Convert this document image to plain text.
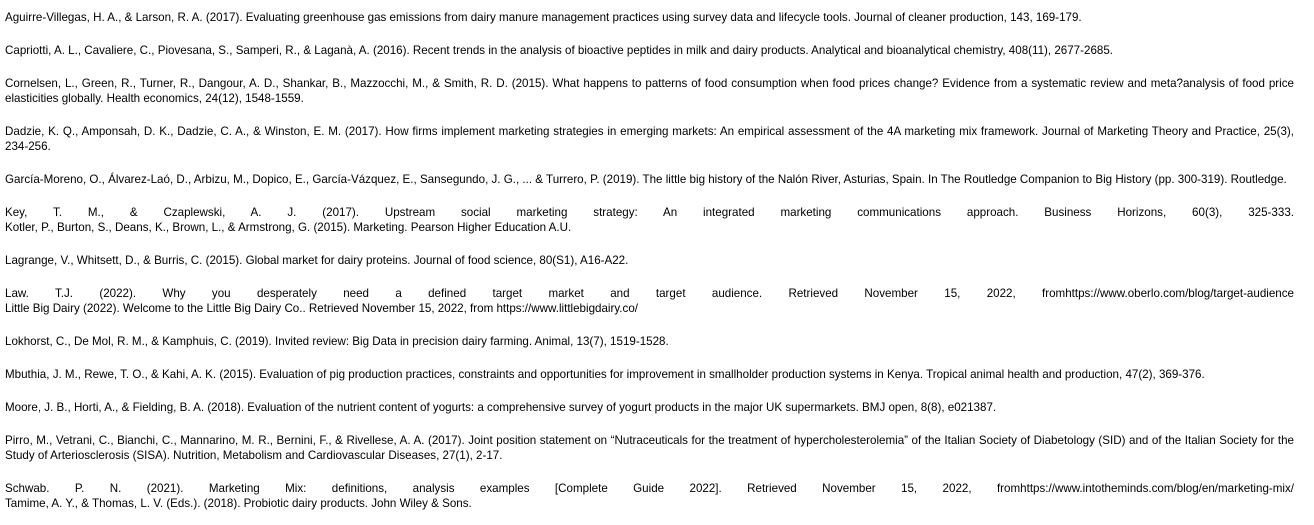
Aguirre-Villegas, H. A., & Larson, R. A. (2017). Evaluating greenhouse gas emissions from dairy manure management practices using survey data and lifecycle tools. Journal of cleaner production, 143, 169-179.

Capriotti, A. L., Cavaliere, C., Piovesana, S., Samperi, R., & Laganà, A. (2016). Recent trends in the analysis of bioactive peptides in milk and dairy products. Analytical and bioanalytical chemistry, 408(11), 2677-2685.

Cornelsen, L., Green, R., Turner, R., Dangour, A. D., Shankar, B., Mazzocchi, M., & Smith, R. D. (2015). What happens to patterns of food consumption when food prices change? Evidence from a systematic review and meta?analysis of food price elasticities globally. Health economics, 24(12), 1548-1559.

Dadzie, K. Q., Amponsah, D. K., Dadzie, C. A., & Winston, E. M. (2017). How firms implement marketing strategies in emerging markets: An empirical assessment of the 4A marketing mix framework. Journal of Marketing Theory and Practice, 25(3), 234-256.

García-Moreno, O., Álvarez-Laó, D., Arbizu, M., Dopico, E., García-Vázquez, E., Sansegundo, J. G., ... & Turrero, P. (2019). The little big history of the Nalón River, Asturias, Spain. In The Routledge Companion to Big History (pp. 300-319). Routledge.

Key, T. M., & Czaplewski, A. J. (2017). Upstream social marketing strategy: An integrated marketing communications approach. Business Horizons, 60(3), 325-333.
Kotler, P., Burton, S., Deans, K., Brown, L., & Armstrong, G. (2015). Marketing. Pearson Higher Education A.U.

Lagrange, V., Whitsett, D., & Burris, C. (2015). Global market for dairy proteins. Journal of food science, 80(S1), A16-A22.

Law. T.J. (2022). Why you desperately need a defined target market and target audience. Retrieved November 15, 2022, fromhttps://www.oberlo.com/blog/target-audience
Little Big Dairy (2022). Welcome to the Little Big Dairy Co.. Retrieved November 15, 2022, from https://www.littlebigdairy.co/

Lokhorst, C., De Mol, R. M., & Kamphuis, C. (2019). Invited review: Big Data in precision dairy farming. Animal, 13(7), 1519-1528.

Mbuthia, J. M., Rewe, T. O., & Kahi, A. K. (2015). Evaluation of pig production practices, constraints and opportunities for improvement in smallholder production systems in Kenya. Tropical animal health and production, 47(2), 369-376.

Moore, J. B., Horti, A., & Fielding, B. A. (2018). Evaluation of the nutrient content of yogurts: a comprehensive survey of yogurt products in the major UK supermarkets. BMJ open, 8(8), e021387.

Pirro, M., Vetrani, C., Bianchi, C., Mannarino, M. R., Bernini, F., & Rivellese, A. A. (2017). Joint position statement on “Nutraceuticals for the treatment of hypercholesterolemia” of the Italian Society of Diabetology (SID) and of the Italian Society for the Study of Arteriosclerosis (SISA). Nutrition, Metabolism and Cardiovascular Diseases, 27(1), 2-17.

Schwab. P. N. (2021). Marketing Mix: definitions, analysis examples [Complete Guide 2022]. Retrieved November 15, 2022, fromhttps://www.intotheminds.com/blog/en/marketing-mix/
Tamime, A. Y., & Thomas, L. V. (Eds.). (2018). Probiotic dairy products. John Wiley & Sons.
